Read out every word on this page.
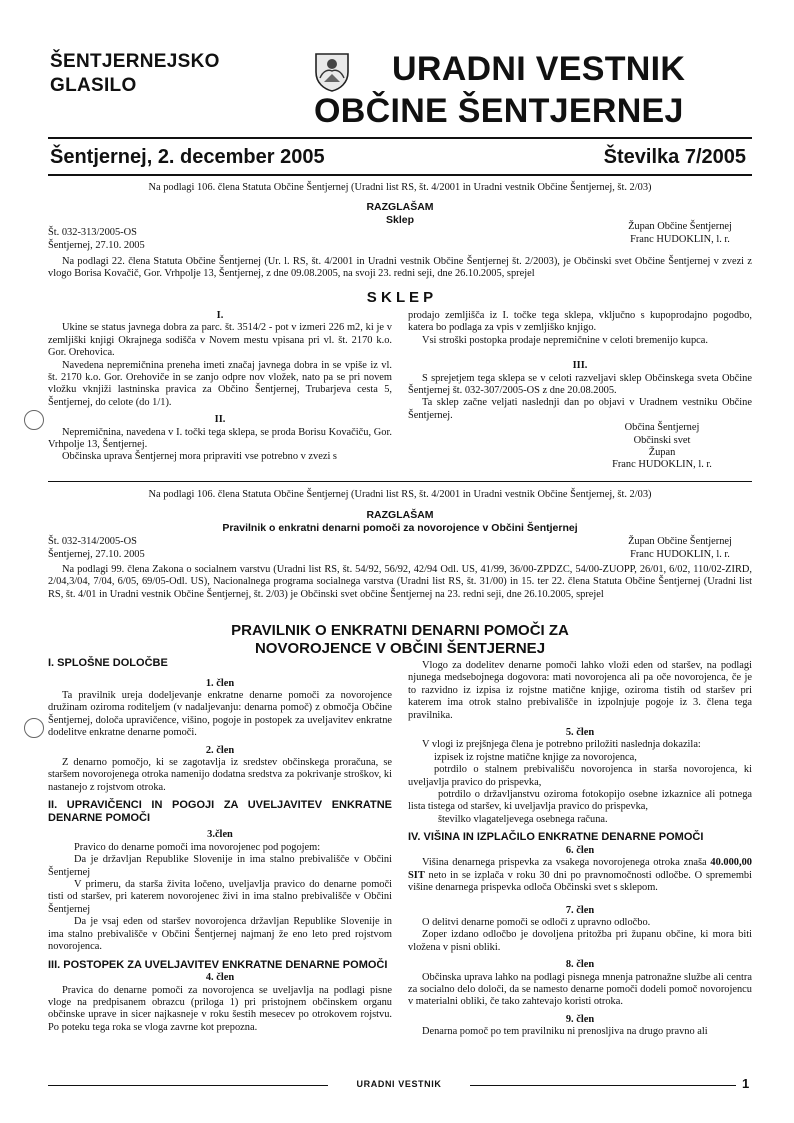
ŠENTJERNEJSKO
GLASILO	URADNI VESTNIK
OBČINE ŠENTJERNEJ
Šentjernej, 2. december 2005	Številka 7/2005
Na podlagi 106. člena Statuta Občine Šentjernej (Uradni list RS, št. 4/2001 in Uradni vestnik Občine Šentjernej, št. 2/03)
RAZGLAŠAM
Sklep
Št. 032-313/2005-OS
Šentjernej, 27.10. 2005
Župan Občine Šentjernej
Franc HUDOKLIN, l. r.
Na podlagi 22. člena Statuta Občine Šentjernej (Ur. l. RS, št. 4/2001 in Uradni vestnik Občine Šentjernej št. 2/2003), je Občinski svet Občine Šentjernej v zvezi z vlogo Borisa Kovačič, Gor. Vrhpolje 13, Šentjernej, z dne 09.08.2005, na svoji 23. redni seji, dne 26.10.2005, sprejel
S K L E P

I.

Ukine se status javnega dobra za parc. št. 3514/2 - pot v izmeri 226 m2, ki je v zemljiški knjigi Okrajnega sodišča v Novem mestu vpisana pri vl. št. 2170 k.o. Gor. Orehovica.

Navedena nepremičnina preneha imeti značaj javnega dobra in se vpiše iz vl. št. 2170 k.o. Gor. Orehoviče in se zanjo odpre nov vložek, nato pa se pri novem vložku vknjiži lastninska pravica za Občino Šentjernej, Trubarjeva cesta 5, Šentjernej, do celote (do 1/1).

II.

Nepremičnina, navedena v I. točki tega sklepa, se proda Borisu Kovačiču, Gor. Vrhpolje 13, Šentjernej.

Občinska uprava Šentjernej mora pripraviti vse potrebno v zvezi s

prodajo zemljišča iz I. točke tega sklepa, vključno s kupoprodajno pogodbo, katera bo podlaga za vpis v zemljiško knjigo.

Vsi stroški postopka prodaje nepremičnine v celoti bremenijo kupca.

III.

S sprejetjem tega sklepa se v celoti razveljavi sklep Občinskega sveta Občine Šentjernej št. 032-307/2005-OS z dne 20.08.2005.

Ta sklep začne veljati naslednji dan po objavi v Uradnem vestniku Občine Šentjernej.

Občina Šentjernej
Občinski svet
Župan
Franc HUDOKLIN, l. r.

Na podlagi 106. člena Statuta Občine Šentjernej (Uradni list RS, št. 4/2001 in Uradni vestnik Občine Šentjernej, št. 2/03)
RAZGLAŠAM
Pravilnik o enkratni denarni pomoči za novorojence v Občini Šentjernej
Št. 032-314/2005-OS
Šentjernej, 27.10. 2005
Župan Občine Šentjernej
Franc HUDOKLIN, l. r.
Na podlagi 99. člena Zakona o socialnem varstvu (Uradni list RS, št. 54/92, 56/92, 42/94 Odl. US, 41/99, 36/00-ZPDZC, 54/00-ZUOPP, 26/01, 6/02, 110/02-ZIRD, 2/04,3/04, 7/04, 6/05, 69/05-Odl. US), Nacionalnega programa socialnega varstva (Uradni list RS, št. 31/00) in 15. ter 22. člena Statuta Občine Šentjernej (Uradni list RS, št. 4/01 in Uradni vestnik Občine Šentjernej, št. 2/03) je Občinski svet občine Šentjernej na 23. redni seji, dne 26.10.2005, sprejel
PRAVILNIK O ENKRATNI DENARNI POMOČI ZA
NOVOROJENCE V OBČINI ŠENTJERNEJ

I. SPLOŠNE DOLOČBE

1. člen

Ta pravilnik ureja dodeljevanje enkratne denarne pomoči za novorojence družinam oziroma roditeljem (v nadaljevanju: denarna pomoč) z območja Občine Šentjernej, določa upravičence, višino, pogoje in postopek za uveljavitev enkratne dodelitve enkratne denarne pomoči.

2. člen

Z denarno pomočjo, ki se zagotavlja iz sredstev občinskega proračuna, se staršem novorojenega otroka namenijo dodatna sredstva za pokrivanje stroškov, ki nastanejo z rojstvom otroka.

II. UPRAVIČENCI IN POGOJI ZA UVELJAVITEV ENKRATNE DENARNE POMOČI

3.člen

Pravico do denarne pomoči ima novorojenec pod pogojem:

Da je državljan Republike Slovenije in ima stalno prebivališče v Občini Šentjernej

V primeru, da starša živita ločeno, uveljavlja pravico do denarne pomoči tisti od staršev, pri katerem novorojenec živi in ima stalno prebivališče v Občini Šentjernej

Da je vsaj eden od staršev novorojenca državljan Republike Slovenije in ima stalno prebivališče v Občini Šentjernej najmanj že eno leto pred rojstvom novorojenca.

III. POSTOPEK ZA UVELJAVITEV ENKRATNE DENARNE POMOČI

4. člen

Pravica do denarne pomoči za novorojenca se uveljavlja na podlagi pisne vloge na predpisanem obrazcu (priloga 1) pri pristojnem občinskem organu občinske uprave in sicer najkasneje v roku šestih mesecev po otrokovem rojstvu. Po poteku tega roka se vloga zavrne kot prepozna.

Vlogo za dodelitev denarne pomoči lahko vloži eden od staršev, na podlagi njunega medsebojnega dogovora: mati novorojenca ali pa oče novorojenca, če je to razvidno iz izpisa iz rojstne matične knjige, oziroma tistih od staršev pri katerem ima otrok stalno prebivališče in izpolnjuje pogoje iz 3. člena tega pravilnika.

5. člen

V vlogi iz prejšnjega člena je potrebno priložiti naslednja dokazila:

izpisek iz rojstne matične knjige za novorojenca,

potrdilo o stalnem prebivališču novorojenca in starša novorojenca, ki uveljavlja pravico do prispevka,

potrdilo o državljanstvu oziroma fotokopijo osebne izkaznice ali potnega lista tistega od staršev, ki uveljavlja pravico do prispevka,

številko vlagateljevega osebnega računa.

IV. VIŠINA IN IZPLAČILO ENKRATNE DENARNE POMOČI

6. člen

Višina denarnega prispevka za vsakega novorojenega otroka znaša 40.000,00 SIT neto in se izplača v roku 30 dni po pravnomočnosti odločbe. O spremembi višine denarnega prispevka odloča Občinski svet s sklepom.

7. člen

O delitvi denarne pomoči se odloči z upravno odločbo.

Zoper izdano odločbo je dovoljena pritožba pri županu občine, ki mora biti vložena v pisni obliki.

8. člen

Občinska uprava lahko na podlagi pisnega mnenja patronažne službe ali centra za socialno delo določi, da se namesto denarne pomoči dodeli pomoč novorojencu v materialni obliki, če tako zahtevajo koristi otroka.

9. člen

Denarna pomoč po tem pravilniku ni prenosljiva na drugo pravno ali

URADNI VESTNIK	1
